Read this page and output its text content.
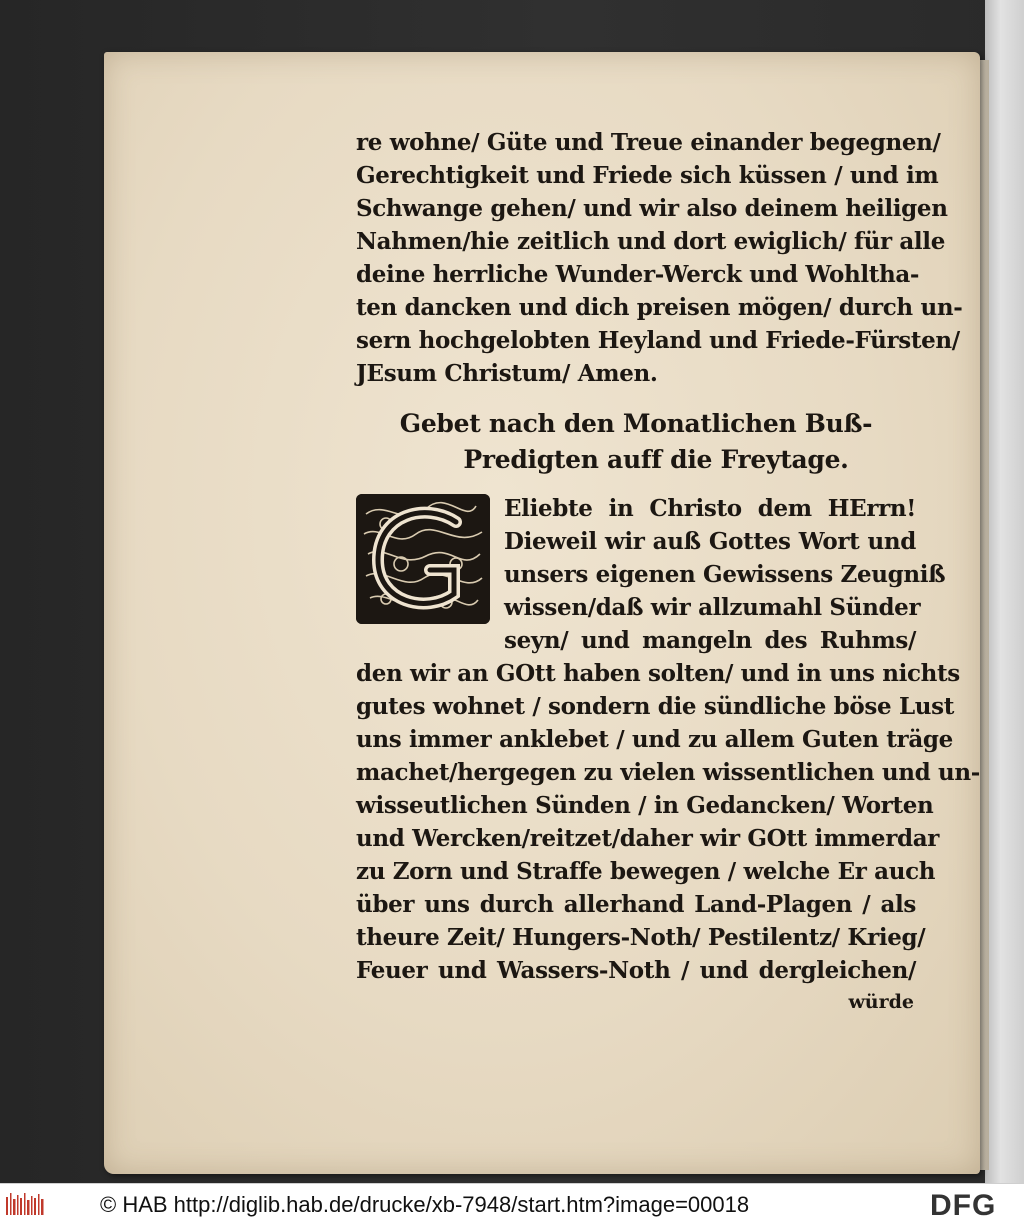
re wohne/ Güte und Treue einander begegnen/
Gerechtigkeit und Friede sich küssen / und im
Schwange gehen/ und wir also deinem heiligen
Nahmen/hie zeitlich und dort ewiglich/ für alle
deine herrliche Wunder-Werck und Wohltha-
ten dancken und dich preisen mögen/ durch un-
sern hochgelobten Heyland und Friede-Fürsten/
JEsum Christum/ Amen.
Gebet nach den Monatlichen Buß-
Predigten auff die Freytage.
Eliebte in Christo dem HErrn!
Dieweil wir auß Gottes Wort und
unsers eigenen Gewissens Zeugniß
wissen/daß wir allzumahl Sünder
seyn/ und mangeln des Ruhms/
den wir an GOtt haben solten/ und in uns nichts
gutes wohnet / sondern die sündliche böse Lust
uns immer anklebet / und zu allem Guten träge
machet/hergegen zu vielen wissentlichen und un-
wisseutlichen Sünden / in Gedancken/ Worten
und Wercken/reitzet/daher wir GOtt immerdar
zu Zorn und Straffe bewegen / welche Er auch
über uns durch allerhand Land-Plagen / als
theure Zeit/ Hungers-Noth/ Pestilentz/ Krieg/
Feuer und Wassers-Noth / und dergleichen/
würde
© HAB http://diglib.hab.de/drucke/xb-7948/start.htm?image=00018	DFG
